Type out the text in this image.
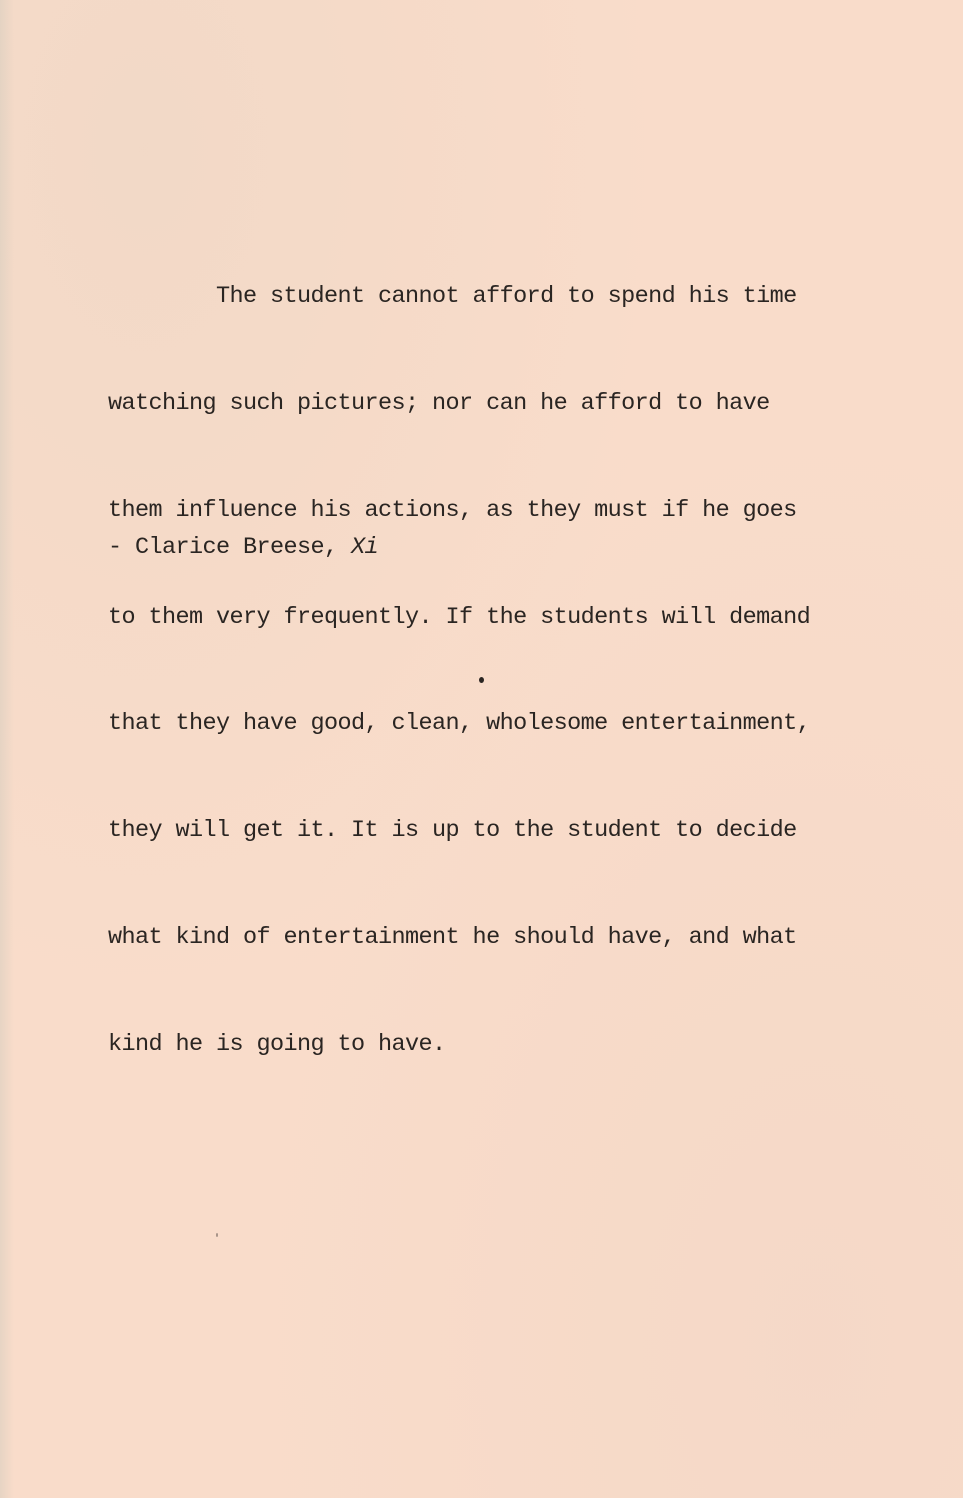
The student cannot afford to spend his time

watching such pictures; nor can he afford to have

them influence his actions, as they must if he goes

to them very frequently. If the students will demand

that they have good, clean, wholesome entertainment,

they will get it. It is up to the student to decide

what kind of entertainment he should have, and what

kind he is going to have.

- Clarice Breese, Xi
